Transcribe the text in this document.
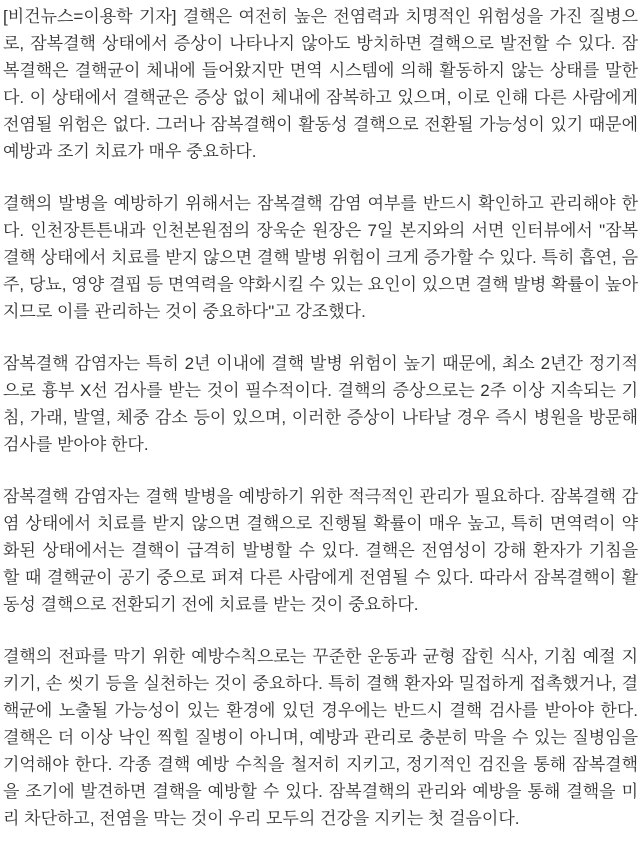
[비건뉴스=이용학 기자] 결핵은 여전히 높은 전염력과 치명적인 위험성을 가진 질병으로, 잠복결핵 상태에서 증상이 나타나지 않아도 방치하면 결핵으로 발전할 수 있다. 잠복결핵은 결핵균이 체내에 들어왔지만 면역 시스템에 의해 활동하지 않는 상태를 말한다. 이 상태에서 결핵균은 증상 없이 체내에 잠복하고 있으며, 이로 인해 다른 사람에게 전염될 위험은 없다. 그러나 잠복결핵이 활동성 결핵으로 전환될 가능성이 있기 때문에 예방과 조기 치료가 매우 중요하다.

결핵의 발병을 예방하기 위해서는 잠복결핵 감염 여부를 반드시 확인하고 관리해야 한다. 인천장튼튼내과 인천본원점의 장욱순 원장은 7일 본지와의 서면 인터뷰에서 "잠복결핵 상태에서 치료를 받지 않으면 결핵 발병 위험이 크게 증가할 수 있다. 특히 흡연, 음주, 당뇨, 영양 결핍 등 면역력을 약화시킬 수 있는 요인이 있으면 결핵 발병 확률이 높아지므로 이를 관리하는 것이 중요하다"고 강조했다.

잠복결핵 감염자는 특히 2년 이내에 결핵 발병 위험이 높기 때문에, 최소 2년간 정기적으로 흉부 X선 검사를 받는 것이 필수적이다. 결핵의 증상으로는 2주 이상 지속되는 기침, 가래, 발열, 체중 감소 등이 있으며, 이러한 증상이 나타날 경우 즉시 병원을 방문해 검사를 받아야 한다.

잠복결핵 감염자는 결핵 발병을 예방하기 위한 적극적인 관리가 필요하다. 잠복결핵 감염 상태에서 치료를 받지 않으면 결핵으로 진행될 확률이 매우 높고, 특히 면역력이 약화된 상태에서는 결핵이 급격히 발병할 수 있다. 결핵은 전염성이 강해 환자가 기침을 할 때 결핵균이 공기 중으로 퍼져 다른 사람에게 전염될 수 있다. 따라서 잠복결핵이 활동성 결핵으로 전환되기 전에 치료를 받는 것이 중요하다.

결핵의 전파를 막기 위한 예방수칙으로는 꾸준한 운동과 균형 잡힌 식사, 기침 예절 지키기, 손 씻기 등을 실천하는 것이 중요하다. 특히 결핵 환자와 밀접하게 접촉했거나, 결핵균에 노출될 가능성이 있는 환경에 있던 경우에는 반드시 결핵 검사를 받아야 한다. 결핵은 더 이상 낙인 찍힐 질병이 아니며, 예방과 관리로 충분히 막을 수 있는 질병임을 기억해야 한다. 각종 결핵 예방 수칙을 철저히 지키고, 정기적인 검진을 통해 잠복결핵을 조기에 발견하면 결핵을 예방할 수 있다. 잠복결핵의 관리와 예방을 통해 결핵을 미리 차단하고, 전염을 막는 것이 우리 모두의 건강을 지키는 첫 걸음이다.
